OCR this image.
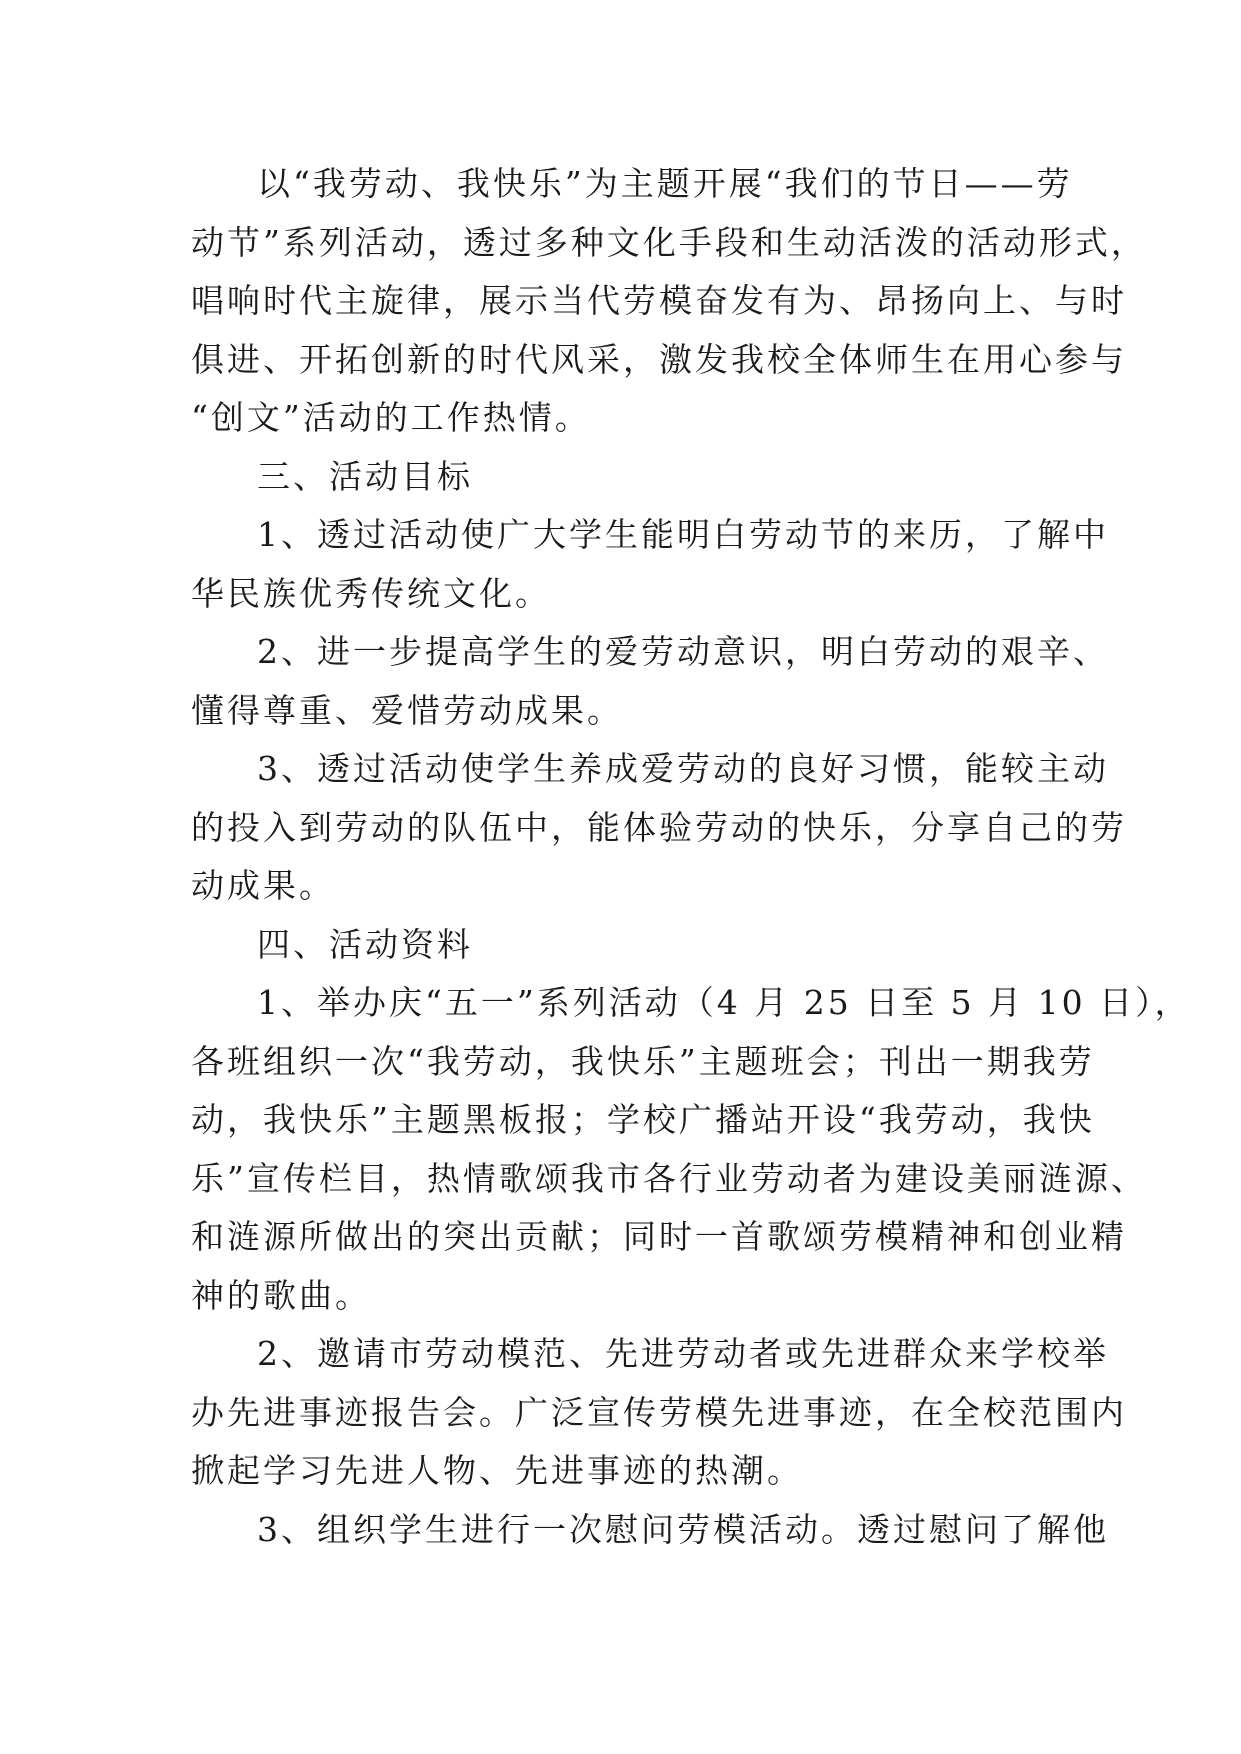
以“我劳动、我快乐”为主题开展“我们的节日——劳
动节”系列活动，透过多种文化手段和生动活泼的活动形式，
唱响时代主旋律，展示当代劳模奋发有为、昂扬向上、与时
俱进、开拓创新的时代风采，激发我校全体师生在用心参与
“创文”活动的工作热情。
三、活动目标
1、透过活动使广大学生能明白劳动节的来历，了解中
华民族优秀传统文化。
2、进一步提高学生的爱劳动意识，明白劳动的艰辛、
懂得尊重、爱惜劳动成果。
3、透过活动使学生养成爱劳动的良好习惯，能较主动
的投入到劳动的队伍中，能体验劳动的快乐，分享自己的劳
动成果。
四、活动资料
1、举办庆“五一”系列活动（4 月 25 日至 5 月 10 日），
各班组织一次“我劳动，我快乐”主题班会；刊出一期我劳
动，我快乐”主题黑板报；学校广播站开设“我劳动，我快
乐”宣传栏目，热情歌颂我市各行业劳动者为建设美丽涟源、
和涟源所做出的突出贡献；同时一首歌颂劳模精神和创业精
神的歌曲。
2、邀请市劳动模范、先进劳动者或先进群众来学校举
办先进事迹报告会。广泛宣传劳模先进事迹，在全校范围内
掀起学习先进人物、先进事迹的热潮。
3、组织学生进行一次慰问劳模活动。透过慰问了解他
